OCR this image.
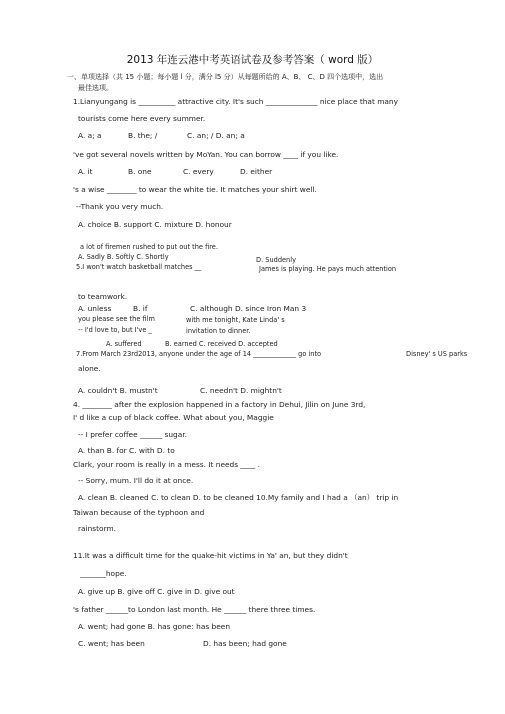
2013 年连云港中考英语试卷及参考答案（ word 版）
一、单项选择（共 15 小题；每小题 l 分，满分 l5 分）从每题所给的 A、B、 C、D 四个选项中，选出
最佳选项。
1.Lianyungang is __________ attractive city. It's such ______________ nice place that many
tourists come here every summer.
A. a; a	B. the; /	C. an; / D. an; a
've got several novels written by MoYan. You can borrow ____ if you like.
A. it	B. one	C. every	D. either
's a wise ________ to wear the white tie. It matches your shirt well.
--Thank you very much.
A. choice B. support C. mixture D. honour
a lot of firemen rushed to put out the fire.
A. Sadly B. Softly C. Shortly	D. Suddenly
5.I won't watch basketball matches __	James is playing. He pays much attention
to teamwork.
A. unless	B. if	C. although D. since Iron Man 3
you please see the film	with me tonight, Kate Linda' s
-- I'd love to, but I've _	invitation to dinner.
A. suffered	B. earned C. received D. accepted
7.From March 23rd2013, anyone under the age of 14 _____________ go into	Disney' s US parks
alone.
A. couldn't B. mustn't	C. needn't D. mightn't
4. ________ after the explosion happened in a factory in Dehui, Jilin on June 3rd,
I' d like a cup of black coffee. What about you, Maggie
-- I prefer coffee ______ sugar.
A. than B. for C. with D. to
Clark, your room is really in a mess. It needs ____ .
-- Sorry, mum. I'll do it at once.
A. clean B. cleaned C. to clean D. to be cleaned 10.My family and I had a （an） trip in
Taiwan because of the typhoon and
rainstorm.
11.It was a difficult time for the quake-hit victims in Ya' an, but they didn't
_______hope.
A. give up B. give off C. give in D. give out
's father ______to London last month. He ______ there three times.
A. went; had gone B. has gone: has been
C. went; has been	D. has been; had gone
